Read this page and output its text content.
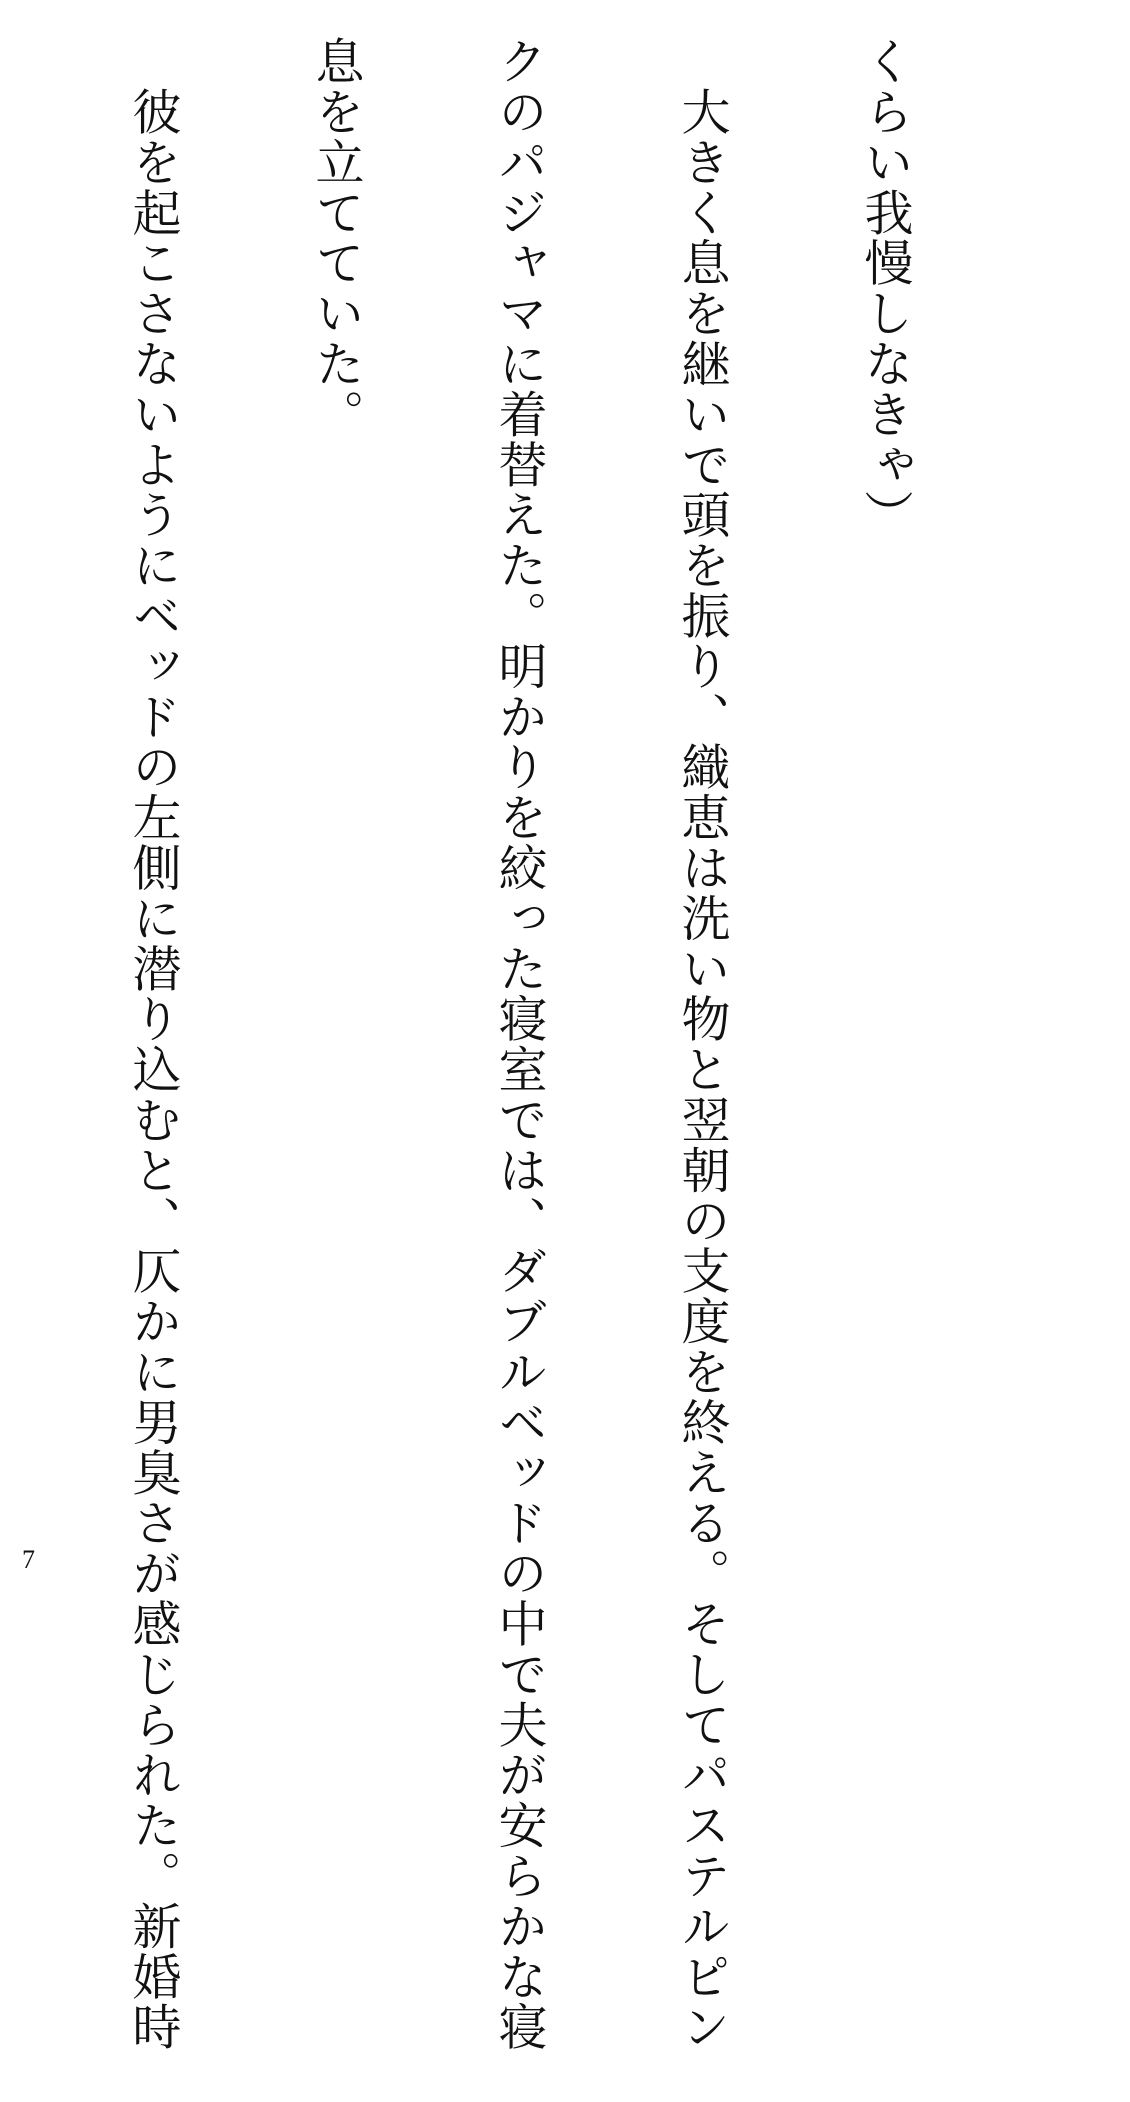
くらい我慢しなきゃ）

　大きく息を継いで頭を振り、織恵は洗い物と翌朝の支度を終える。そしてパステルピン

クのパジャマに着替えた。明かりを絞った寝室では、ダブルベッドの中で夫が安らかな寝

息を立てていた。

　彼を起こさないようにベッドの左側に潜り込むと、仄かに男臭さが感じられた。新婚時

7
